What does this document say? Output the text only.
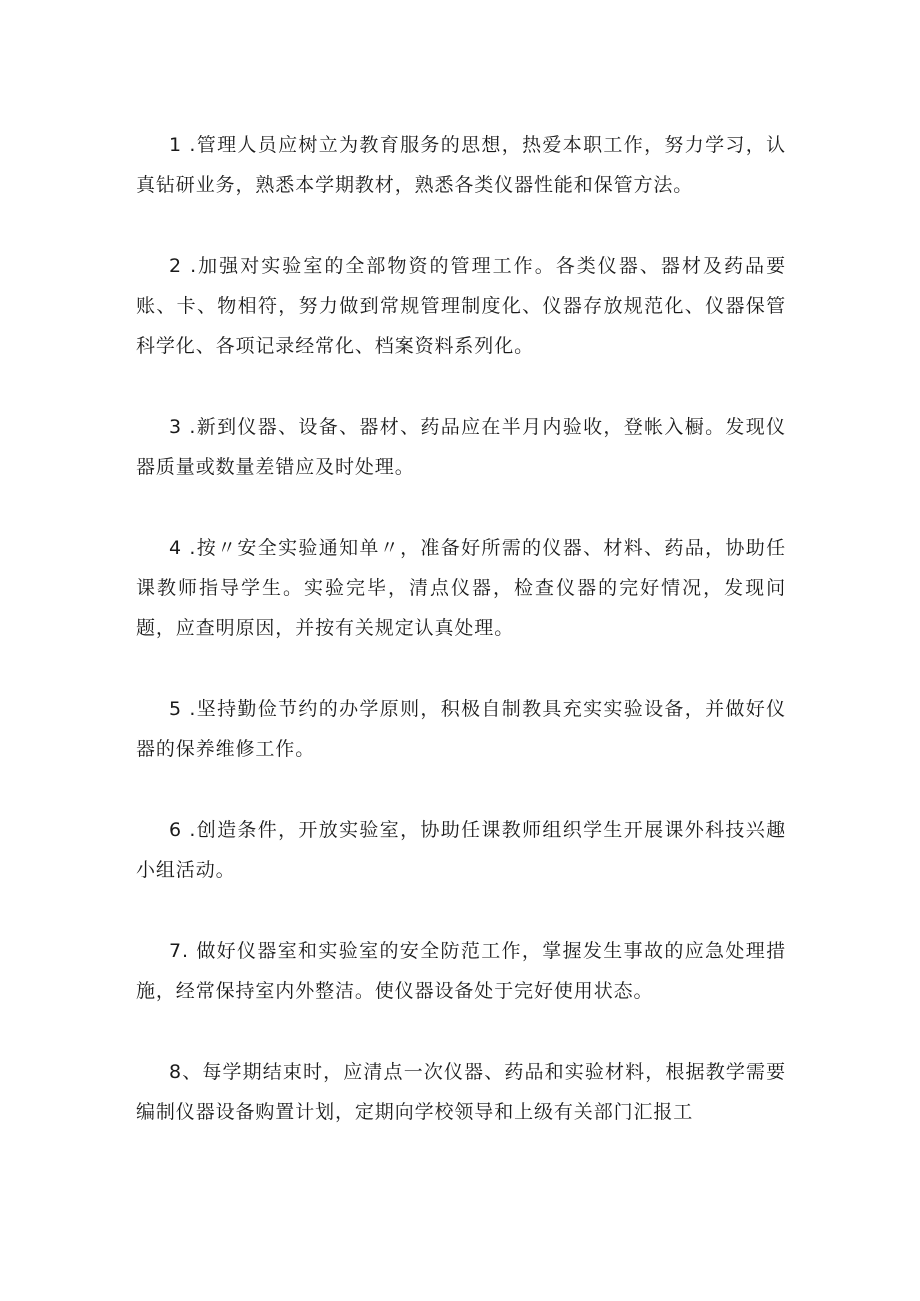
1 .管理人员应树立为教育服务的思想，热爱本职工作，努力学习，认真钻研业务，熟悉本学期教材，熟悉各类仪器性能和保管方法。

2 .加强对实验室的全部物资的管理工作。各类仪器、器材及药品要账、卡、物相符，努力做到常规管理制度化、仪器存放规范化、仪器保管科学化、各项记录经常化、档案资料系列化。

3 .新到仪器、设备、器材、药品应在半月内验收，登帐入橱。发现仪器质量或数量差错应及时处理。

4 .按〃安全实验通知单〃，准备好所需的仪器、材料、药品，协助任课教师指导学生。实验完毕，清点仪器，检查仪器的完好情况，发现问题，应查明原因，并按有关规定认真处理。

5 .坚持勤俭节约的办学原则，积极自制教具充实实验设备，并做好仪器的保养维修工作。

6 .创造条件，开放实验室，协助任课教师组织学生开展课外科技兴趣小组活动。

7. 做好仪器室和实验室的安全防范工作，掌握发生事故的应急处理措施，经常保持室内外整洁。使仪器设备处于完好使用状态。

8、每学期结束时，应清点一次仪器、药品和实验材料，根据教学需要编制仪器设备购置计划，定期向学校领导和上级有关部门汇报工
